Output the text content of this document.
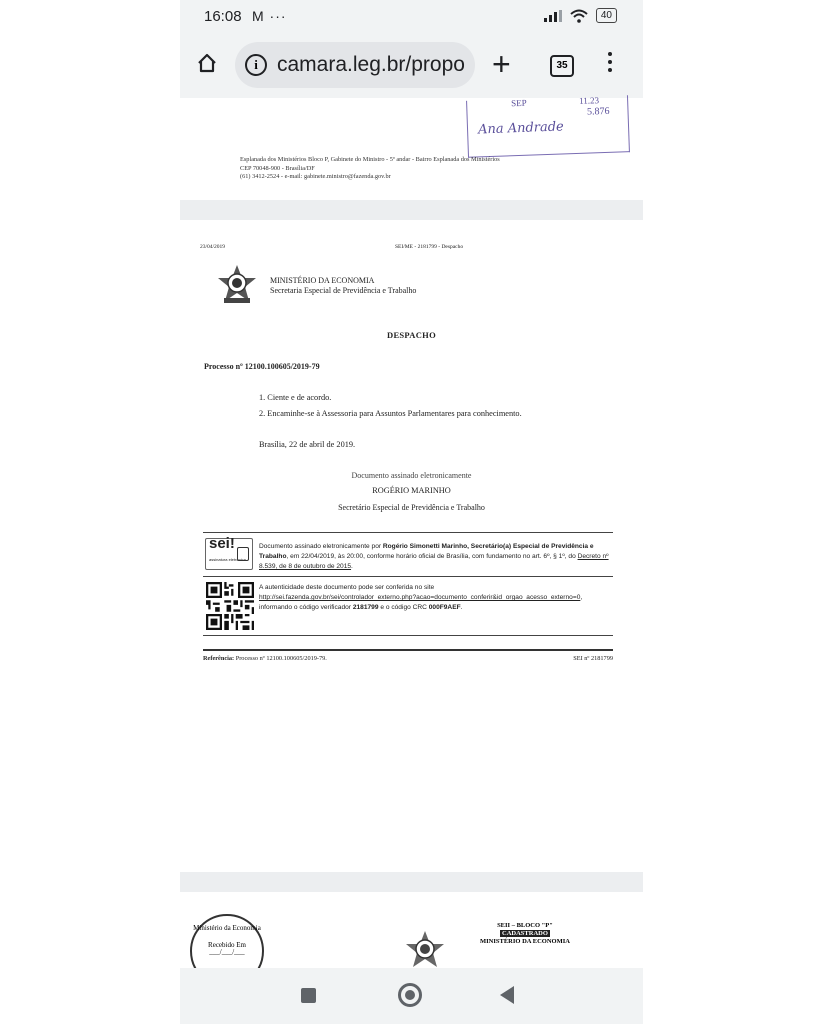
16:08 M ···	40
i camara.leg.br/propo +	35
SEP	11.23
5.876
Ana Andrade
Esplanada dos Ministérios Bloco P, Gabinete do Ministro - 5º andar - Bairro Esplanada dos Ministérios
CEP 70048-900 - Brasília/DF
(61) 3412-2524 - e-mail: gabinete.ministro@fazenda.gov.br
23/04/2019	SEI/ME - 2181799 - Despacho
MINISTÉRIO DA ECONOMIA
Secretaria Especial de Previdência e Trabalho
DESPACHO
Processo nº 12100.100605/2019-79
1. Ciente e de acordo.
2. Encaminhe-se à Assessoria para Assuntos Parlamentares para conhecimento.
Brasília, 22 de abril de 2019.
Documento assinado eletronicamente
ROGÉRIO MARINHO
Secretário Especial de Previdência e Trabalho
sei!
assinatura eletrônica
Documento assinado eletronicamente por Rogério Simonetti Marinho, Secretário(a) Especial de Previdência e Trabalho, em 22/04/2019, às 20:00, conforme horário oficial de Brasília, com fundamento no art. 6º, § 1º, do Decreto nº 8.539, de 8 de outubro de 2015.
A autenticidade deste documento pode ser conferida no site
http://sei.fazenda.gov.br/sei/controlador_externo.php?acao=documento_conferir&id_orgao_acesso_externo=0, informando o código verificador 2181799 e o código CRC 000F9AEF.
Referência: Processo nº 12100.100605/2019-79.	SEI nº 2181799
Ministério da Economia
Recebido Em ___/___/___
SEII – BLOCO "P"
CADASTRADO
MINISTÉRIO DA ECONOMIA
